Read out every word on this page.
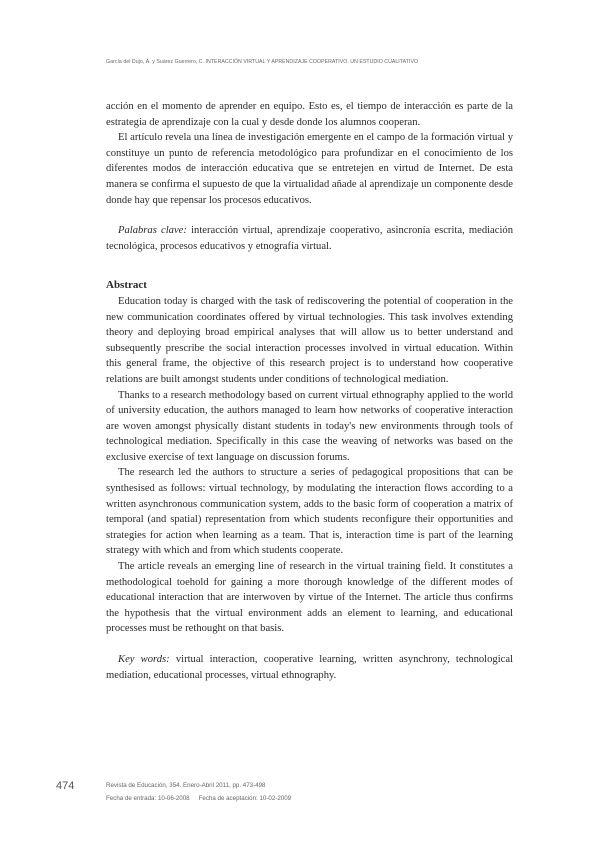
García del Dujo, Á. y Suárez Guerrero, C. INTERACCIÓN VIRTUAL Y APRENDIZAJE COOPERATIVO. UN ESTUDIO CUALITATIVO

acción en el momento de aprender en equipo. Esto es, el tiempo de interacción es parte de la estrategia de aprendizaje con la cual y desde donde los alumnos cooperan.

El artículo revela una línea de investigación emergente en el campo de la formación virtual y constituye un punto de referencia metodológico para profundizar en el conocimiento de los diferentes modos de interacción educativa que se entretejen en virtud de Internet. De esta manera se confirma el supuesto de que la virtualidad añade al aprendizaje un componente desde donde hay que repensar los procesos educativos.

Palabras clave: interacción virtual, aprendizaje cooperativo, asincronía escrita, mediación tecnológica, procesos educativos y etnografía virtual.

Abstract

Education today is charged with the task of rediscovering the potential of cooperation in the new communication coordinates offered by virtual technologies. This task involves extending theory and deploying broad empirical analyses that will allow us to better understand and subsequently prescribe the social interaction processes involved in virtual education. Within this general frame, the objective of this research project is to understand how cooperative relations are built amongst students under conditions of technological mediation.

Thanks to a research methodology based on current virtual ethnography applied to the world of university education, the authors managed to learn how networks of cooperative interaction are woven amongst physically distant students in today's new environments through tools of technological mediation. Specifically in this case the weaving of networks was based on the exclusive exercise of text language on discussion forums.

The research led the authors to structure a series of pedagogical propositions that can be synthesised as follows: virtual technology, by modulating the interaction flows according to a written asynchronous communication system, adds to the basic form of cooperation a matrix of temporal (and spatial) representation from which students reconfigure their opportunities and strategies for action when learning as a team. That is, interaction time is part of the learning strategy with which and from which students cooperate.

The article reveals an emerging line of research in the virtual training field. It constitutes a methodological toehold for gaining a more thorough knowledge of the different modes of educational interaction that are interwoven by virtue of the Internet. The article thus confirms the hypothesis that the virtual environment adds an element to learning, and educational processes must be rethought on that basis.

Key words: virtual interaction, cooperative learning, written asynchrony, technological mediation, educational processes, virtual ethnography.

474	Revista de Educación, 354. Enero-Abril 2011, pp. 473-498
Fecha de entrada: 10-06-2008 Fecha de aceptación: 10-02-2009
